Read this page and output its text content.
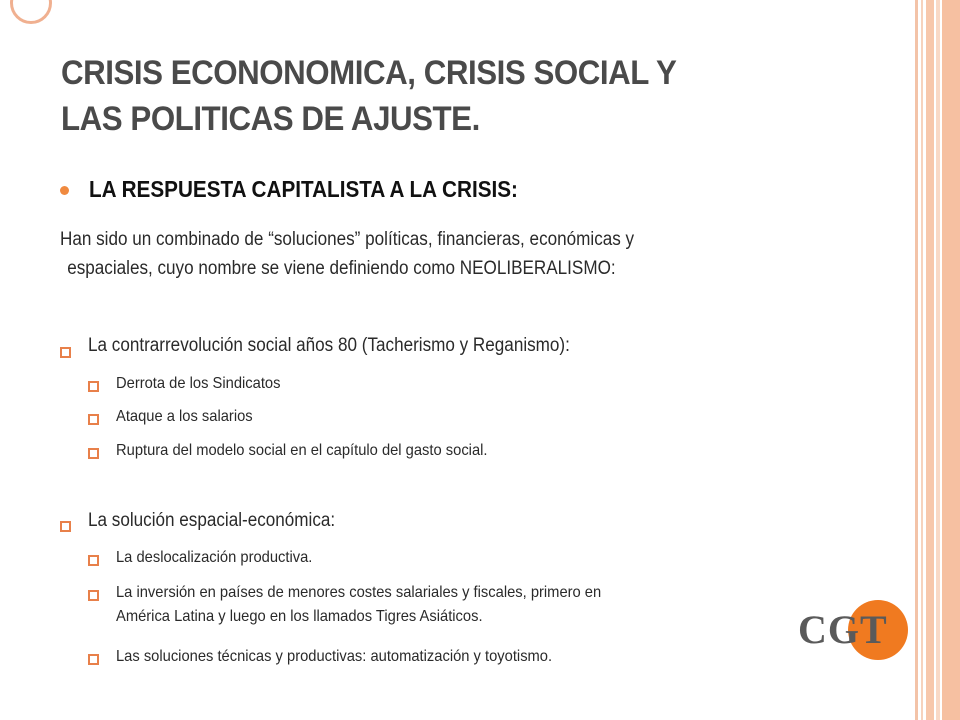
CRISIS ECONONOMICA, CRISIS SOCIAL Y
LAS POLITICAS DE AJUSTE.
LA RESPUESTA CAPITALISTA A LA CRISIS:
Han sido un combinado de “soluciones” políticas, financieras, económicas y
espaciales, cuyo nombre se viene definiendo como NEOLIBERALISMO:
La contrarrevolución social años 80 (Tacherismo y Reganismo):
Derrota de los Sindicatos
Ataque a los salarios
Ruptura del modelo social en el capítulo del gasto social.
La solución espacial-económica:
La deslocalización productiva.
La inversión en países de menores costes salariales y fiscales, primero en
América Latina y luego en los llamados Tigres Asiáticos.
Las soluciones técnicas y productivas: automatización y toyotismo.
CGT
